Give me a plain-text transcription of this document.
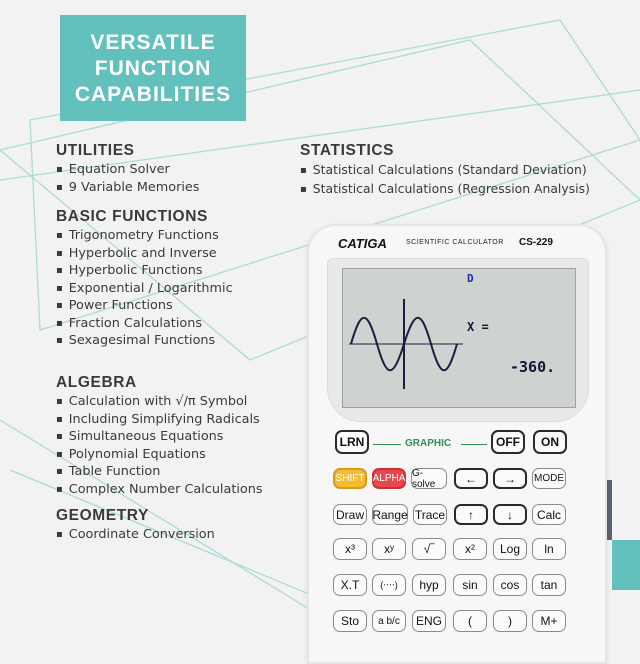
VERSATILE
FUNCTION
CAPABILITIES
UTILITIES
▪ Equation Solver
▪ 9 Variable Memories
STATISTICS
▪ Statistical Calculations (Standard Deviation)
▪ Statistical Calculations (Regression Analysis)
BASIC FUNCTIONS
▪ Trigonometry Functions
▪ Hyperbolic and Inverse
▪ Hyperbolic Functions
▪ Exponential / Logarithmic
▪ Power Functions
▪ Fraction Calculations
▪ Sexagesimal Functions
ALGEBRA
▪ Calculation with √/π Symbol
▪ Including Simplifying Radicals
▪ Simultaneous Equations
▪ Polynomial Equations
▪ Table Function
▪ Complex Number Calculations
GEOMETRY
▪ Coordinate Conversion
CATIGA	SCIENTIFIC CALCULATOR CS-229
D
X =
-360.
LRN	GRAPHIC	OFF	ON
SHIFT ALPHA G-solve	←	→	MODE
Draw Range Trace	↑	↓	Calc
x³	xʸ	√‾	x²	Log	ln
X.T	(‧‧‧‧)	hyp	sin	cos	tan
Sto	a b/c	ENG	(	)	M+
